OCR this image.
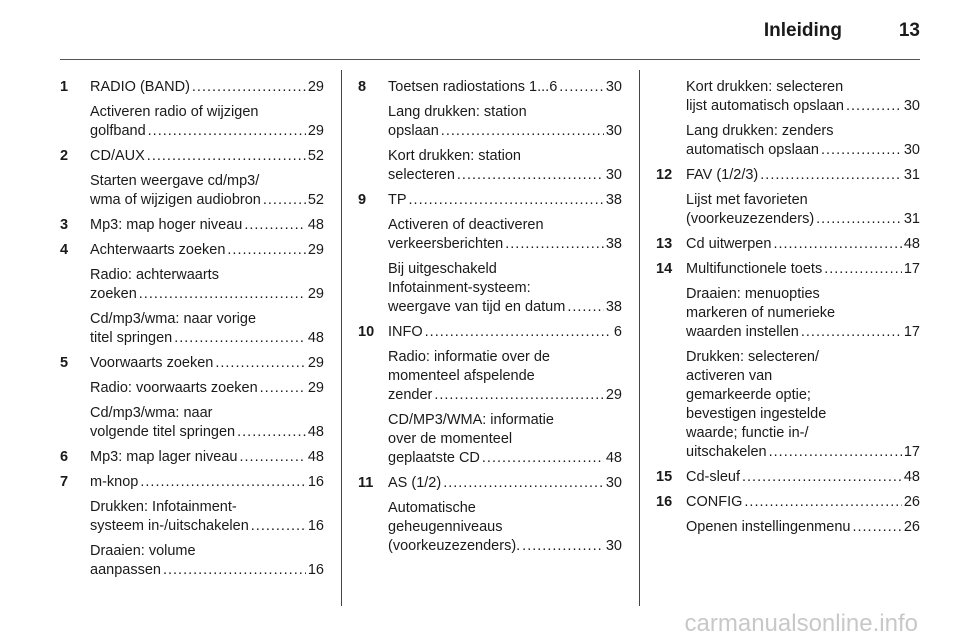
Inleiding	13
1 RADIO (BAND) .....	29
Activeren radio of wijzigen
golfband .....	29
2 CD/AUX .....	52
Starten weergave cd/mp3/
wma of wijzigen audiobron .....	52
3 Mp3: map hoger niveau .....	48
4 Achterwaarts zoeken .....	29
Radio: achterwaarts
zoeken .....	29
Cd/mp3/wma: naar vorige
titel springen .....	48
5 Voorwaarts zoeken .....	29
Radio: voorwaarts zoeken .....	29
Cd/mp3/wma: naar
volgende titel springen .....	48
6 Mp3: map lager niveau .....	48
7 m-knop .....	16
Drukken: Infotainment-
systeem in-/uitschakelen .....	16
Draaien: volume
aanpassen .....	16
8 Toetsen radiostations 1...6 .....	30
Lang drukken: station
opslaan .....	30
Kort drukken: station
selecteren .....	30
9 TP .....	38
Activeren of deactiveren
verkeersberichten .....	38
Bij uitgeschakeld
Infotainment-systeem:
weergave van tijd en datum .....	38
10 INFO .....	6
Radio: informatie over de
momenteel afspelende
zender .....	29
CD/MP3/WMA: informatie
over de momenteel
geplaatste CD .....	48
11 AS (1/2) .....	30
Automatische
geheugenniveaus
(voorkeuzezenders). .....	30
Kort drukken: selecteren
lijst automatisch opslaan .....	30
Lang drukken: zenders
automatisch opslaan .....	30
12 FAV (1/2/3) .....	31
Lijst met favorieten
(voorkeuzezenders) .....	31
13 Cd uitwerpen .....	48
14 Multifunctionele toets .....	17
Draaien: menuopties
markeren of numerieke
waarden instellen .....	17
Drukken: selecteren/
activeren van
gemarkeerde optie;
bevestigen ingestelde
waarde; functie in-/
uitschakelen .....	17
15 Cd-sleuf .....	48
16 CONFIG .....	26
Openen instellingenmenu .....	26
carmanualsonline.info
